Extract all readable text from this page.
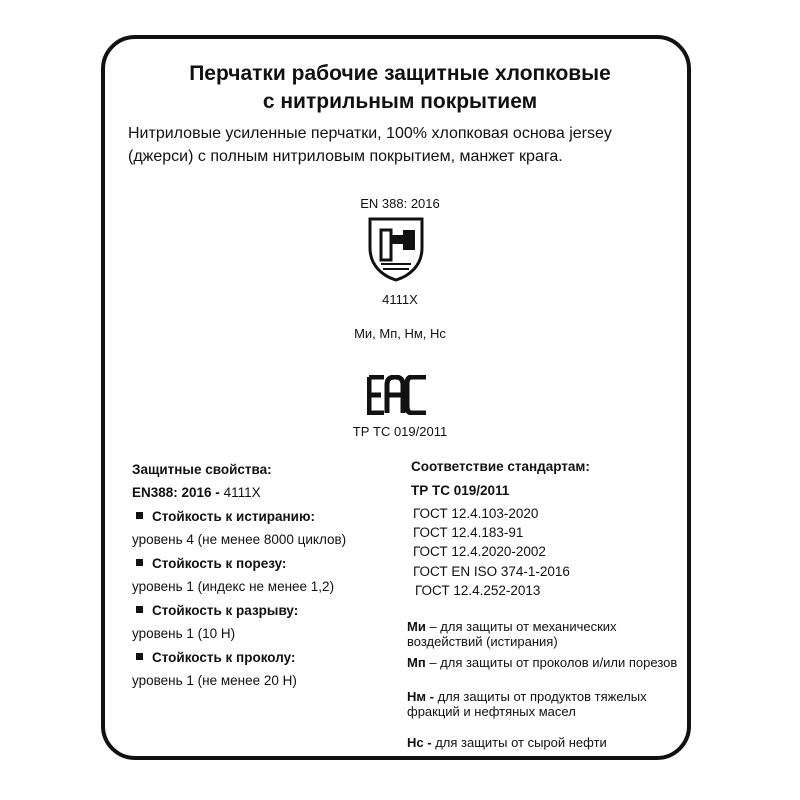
Перчатки рабочие защитные хлопковые
с нитрильным покрытием
Нитриловые усиленные перчатки, 100% хлопковая основа jersey (джерси) с полным нитриловым покрытием, манжет крага.
EN 388: 2016
4111X
Ми, Мп, Нм, Нс
ТР ТС 019/2011
Защитные свойства:
EN388: 2016 - 4111X
Стойкость к истиранию:
уровень 4 (не менее 8000 циклов)
Стойкость к порезу:
уровень 1 (индекс не менее 1,2)
Стойкость к разрыву:
уровень 1 (10 Н)
Стойкость к проколу:
уровень 1 (не менее 20 Н)
Соответствие стандартам:
ТР ТС 019/2011
ГОСТ 12.4.103-2020
ГОСТ 12.4.183-91
ГОСТ 12.4.2020-2002
ГОСТ EN ISO 374-1-2016
ГОСТ 12.4.252-2013
Ми – для защиты от механических воздействий (истирания)
Мп – для защиты от проколов и/или порезов
Нм - для защиты от продуктов тяжелых фракций и нефтяных масел
Нс - для защиты от сырой нефти
